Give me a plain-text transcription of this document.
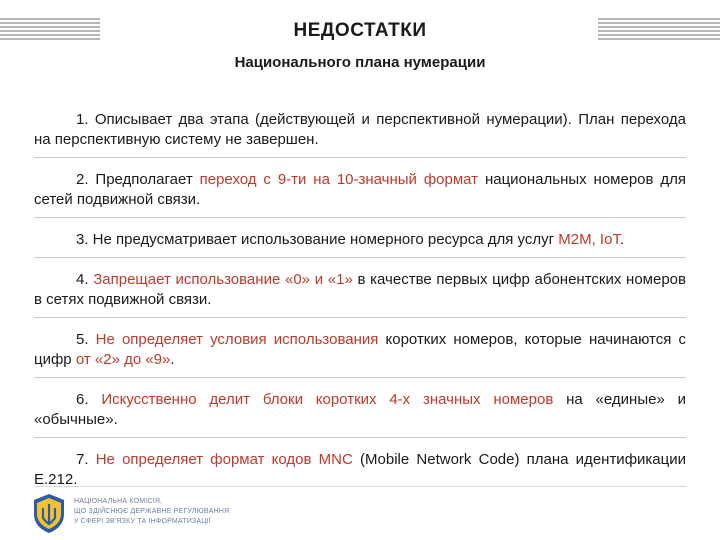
НЕДОСТАТКИ
Национального плана нумерации

1. Описывает два этапа (действующей и перспективной нумерации). План перехода на перспективную систему не завершен.

2. Предполагает переход с 9-ти на 10-значный формат национальных номеров для сетей подвижной связи.

3. Не предусматривает использование номерного ресурса для услуг M2M, IoT.

4. Запрещает использование «0» и «1» в качестве первых цифр абонентских номеров в сетях подвижной связи.

5. Не определяет условия использования коротких номеров, которые начинаются с цифр от «2» до «9».

6. Искусственно делит блоки коротких 4-х значных номеров на «единые» и «обычные».

7. Не определяет формат кодов MNC (Mobile Network Code) плана идентификации E.212.

НАЦІОНАЛЬНА КОМІСІЯ,
ЩО ЗДІЙСНЮЄ ДЕРЖАВНЕ РЕГУЛЮВАННЯ
У СФЕРІ ЗВ'ЯЗКУ ТА ІНФОРМАТИЗАЦІЇ
